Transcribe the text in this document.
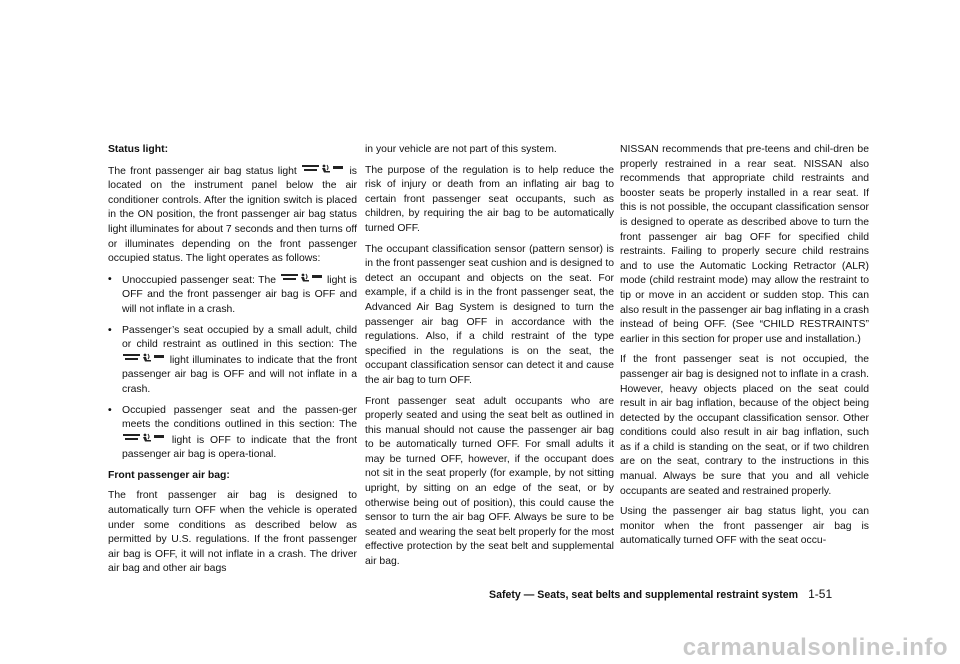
Status light:

The front passenger air bag status light	is located on the instrument panel below the air conditioner controls. After the ignition switch is placed in the ON position, the front passenger air bag status light illuminates for about 7 seconds and then turns off or illuminates depending on the front passenger occupied status. The light operates as follows:

• Unoccupied passenger seat: The	light is OFF and the front passenger air bag is OFF and will not inflate in a crash.
• Passenger’s seat occupied by a small adult, child or child restraint as outlined in this section: The
light illuminates to indicate that the front passenger air bag is OFF and will not inflate in a crash.
• Occupied passenger seat and the passen-ger meets the conditions outlined in this section: The
light is OFF to indicate that the front passenger air bag is opera-tional.

Front passenger air bag:

The front passenger air bag is designed to automatically turn OFF when the vehicle is operated under some conditions as described below as permitted by U.S. regulations. If the front passenger air bag is OFF, it will not inflate in a crash. The driver air bag and other air bags

in your vehicle are not part of this system.

The purpose of the regulation is to help reduce the risk of injury or death from an inflating air bag to certain front passenger seat occupants, such as children, by requiring the air bag to be automatically turned OFF.

The occupant classification sensor (pattern sensor) is in the front passenger seat cushion and is designed to detect an occupant and objects on the seat. For example, if a child is in the front passenger seat, the Advanced Air Bag System is designed to turn the passenger air bag OFF in accordance with the regulations. Also, if a child restraint of the type specified in the regulations is on the seat, the occupant classification sensor can detect it and cause the air bag to turn OFF.

Front passenger seat adult occupants who are properly seated and using the seat belt as outlined in this manual should not cause the passenger air bag to be automatically turned OFF. For small adults it may be turned OFF, however, if the occupant does not sit in the seat properly (for example, by not sitting upright, by sitting on an edge of the seat, or by otherwise being out of position), this could cause the sensor to turn the air bag OFF. Always be sure to be seated and wearing the seat belt properly for the most effective protection by the seat belt and supplemental air bag.

NISSAN recommends that pre-teens and chil-dren be properly restrained in a rear seat. NISSAN also recommends that appropriate child restraints and booster seats be properly installed in a rear seat. If this is not possible, the occupant classification sensor is designed to operate as described above to turn the front passenger air bag OFF for specified child restraints. Failing to properly secure child restrains and to use the Automatic Locking Retractor (ALR) mode (child restraint mode) may allow the restraint to tip or move in an accident or sudden stop. This can also result in the passenger air bag inflating in a crash instead of being OFF. (See “CHILD RESTRAINTS” earlier in this section for proper use and installation.)

If the front passenger seat is not occupied, the passenger air bag is designed not to inflate in a crash. However, heavy objects placed on the seat could result in air bag inflation, because of the object being detected by the occupant classification sensor. Other conditions could also result in air bag inflation, such as if a child is standing on the seat, or if two children are on the seat, contrary to the instructions in this manual. Always be sure that you and all vehicle occupants are seated and restrained properly.

Using the passenger air bag status light, you can monitor when the front passenger air bag is automatically turned OFF with the seat occu-

Safety — Seats, seat belts and supplemental restraint system 1-51
carmanualsonline.info
